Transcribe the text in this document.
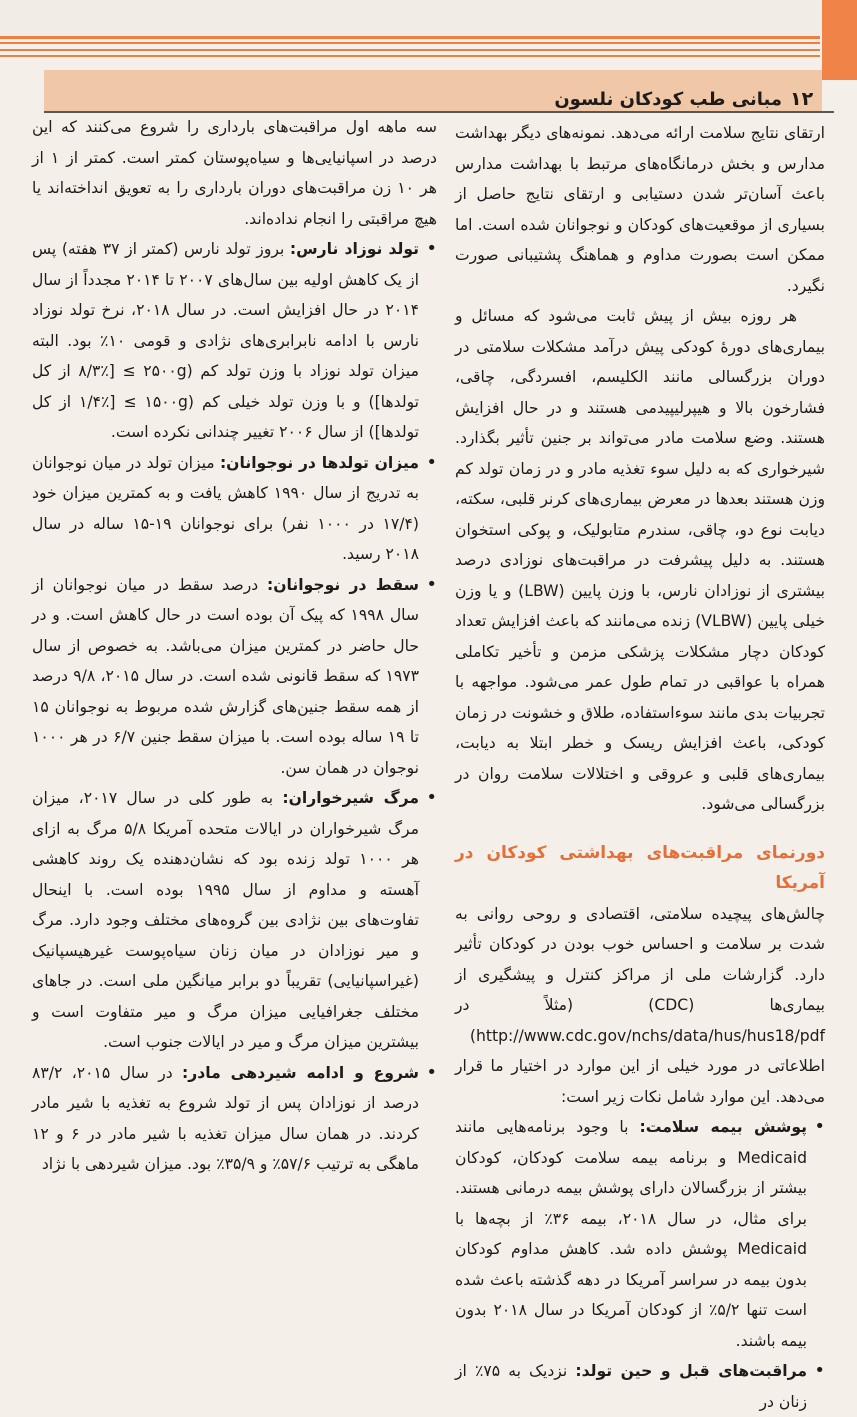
۱۲
مبانی طب کودکان نلسون

ارتقای نتایج سلامت ارائه می‌دهد. نمونه‌های دیگر بهداشت مدارس و بخش درمانگاه‌های مرتبط با بهداشت مدارس باعث آسان‌تر شدن دستیابی و ارتقای نتایج حاصل از بسیاری از موقعیت‌های کودکان و نوجوانان شده است. اما ممکن است بصورت مداوم و هماهنگ پشتیبانی صورت نگیرد.

هر روزه بیش از پیش ثابت می‌شود که مسائل و بیماری‌های دورهٔ کودکی پیش درآمد مشکلات سلامتی در دوران بزرگسالی مانند الکلیسم، افسردگی، چاقی، فشارخون بالا و هیپرلیپیدمی هستند و در حال افزایش هستند. وضع سلامت مادر می‌تواند بر جنین تأثیر بگذارد. شیرخواری که به دلیل سوء تغذیه مادر و در زمان تولد کم وزن هستند بعدها در معرض بیماری‌های کرنر قلبی، سکته، دیابت نوع دو، چاقی، سندرم متابولیک، و پوکی استخوان هستند. به دلیل پیشرفت در مراقبت‌های نوزادی درصد بیشتری از نوزادان نارس، با وزن پایین (LBW) و یا وزن خیلی پایین (VLBW) زنده می‌مانند که باعث افزایش تعداد کودکان دچار مشکلات پزشکی مزمن و تأخیر تکاملی همراه با عواقبی در تمام طول عمر می‌شود. مواجهه با تجربیات بدی مانند سوءاستفاده، طلاق و خشونت در زمان کودکی، باعث افزایش ریسک و خطر ابتلا به دیابت، بیماری‌های قلبی و عروقی و اختلالات سلامت روان در بزرگسالی می‌شود.

دورنمای مراقبت‌های بهداشتی کودکان در آمریکا

چالش‌های پیچیده سلامتی، اقتصادی و روحی روانی به شدت بر سلامت و احساس خوب بودن در کودکان تأثیر دارد. گزارشات ملی از مراکز کنترل و پیشگیری از بیماری‌ها (CDC) (مثلاً در http://www.cdc.gov/nchs/data/hus/hus18/pdf) اطلاعاتی در مورد خیلی از این موارد در اختیار ما قرار می‌دهد. این موارد شامل نکات زیر است:

• پوشش بیمه سلامت: با وجود برنامه‌هایی مانند Medicaid و برنامه بیمه سلامت کودکان، کودکان بیشتر از بزرگسالان دارای پوشش بیمه درمانی هستند. برای مثال، در سال ۲۰۱۸، بیمه ۳۶٪ از بچه‌ها با Medicaid پوشش داده شد. کاهش مداوم کودکان بدون بیمه در سراسر آمریکا در دهه گذشته باعث شده است تنها ۵/۲٪ از کودکان آمریکا در سال ۲۰۱۸ بدون بیمه باشند.

• مراقبت‌های قبل و حین تولد: نزدیک به ۷۵٪ از زنان در

سه ماهه اول مراقبت‌های بارداری را شروع می‌کنند که این درصد در اسپانیایی‌ها و سیاه‌پوستان کمتر است. کمتر از ۱ از هر ۱۰ زن مراقبت‌های دوران بارداری را به تعویق انداخته‌اند یا هیچ مراقبتی را انجام نداده‌اند.

• تولد نوزاد نارس: بروز تولد نارس (کمتر از ۳۷ هفته) پس از یک کاهش اولیه بین سال‌های ۲۰۰۷ تا ۲۰۱۴ مجدداً از سال ۲۰۱۴ در حال افزایش است. در سال ۲۰۱۸، نرخ تولد نوزاد نارس با ادامه نابرابری‌های نژادی و قومی ۱۰٪ بود. البته میزان تولد نوزاد با وزن تولد کم (۲۵۰۰g ≥ [۸/۳٪ از کل تولدها]) و با وزن تولد خیلی کم (۱۵۰۰g ≥ [۱/۴٪ از کل تولدها]) از سال ۲۰۰۶ تغییر چندانی نکرده است.

• میزان تولدها در نوجوانان: میزان تولد در میان نوجوانان به تدریج از سال ۱۹۹۰ کاهش یافت و به کمترین میزان خود (۱۷/۴ در ۱۰۰۰ نفر) برای نوجوانان ۱۹-۱۵ ساله در سال ۲۰۱۸ رسید.

• سقط در نوجوانان: درصد سقط در میان نوجوانان از سال ۱۹۹۸ که پیک آن بوده است در حال کاهش است. و در حال حاضر در کمترین میزان می‌باشد. به خصوص از سال ۱۹۷۳ که سقط قانونی شده است. در سال ۲۰۱۵، ۹/۸ درصد از همه سقط جنین‌های گزارش شده مربوط به نوجوانان ۱۵ تا ۱۹ ساله بوده است. با میزان سقط جنین ۶/۷ در هر ۱۰۰۰ نوجوان در همان سن.

• مرگ شیرخواران: به طور کلی در سال ۲۰۱۷، میزان مرگ شیرخواران در ایالات متحده آمریکا ۵/۸ مرگ به ازای هر ۱۰۰۰ تولد زنده بود که نشان‌دهنده یک روند کاهشی آهسته و مداوم از سال ۱۹۹۵ بوده است. با اینحال تفاوت‌های بین نژادی بین گروه‌های مختلف وجود دارد. مرگ و میر نوزادان در میان زنان سیاه‌پوست غیرهیسپانیک (غیراسپانیایی) تقریباً دو برابر میانگین ملی است. در جاهای مختلف جغرافیایی میزان مرگ و میر متفاوت است و بیشترین میزان مرگ و میر در ایالات جنوب است.

• شروع و ادامه شیردهی مادر: در سال ۲۰۱۵، ۸۳/۲ درصد از نوزادان پس از تولد شروع به تغذیه با شیر مادر کردند. در همان سال میزان تغذیه با شیر مادر در ۶ و ۱۲ ماهگی به ترتیب ۵۷/۶٪ و ۳۵/۹٪ بود. میزان شیردهی با نژاد
